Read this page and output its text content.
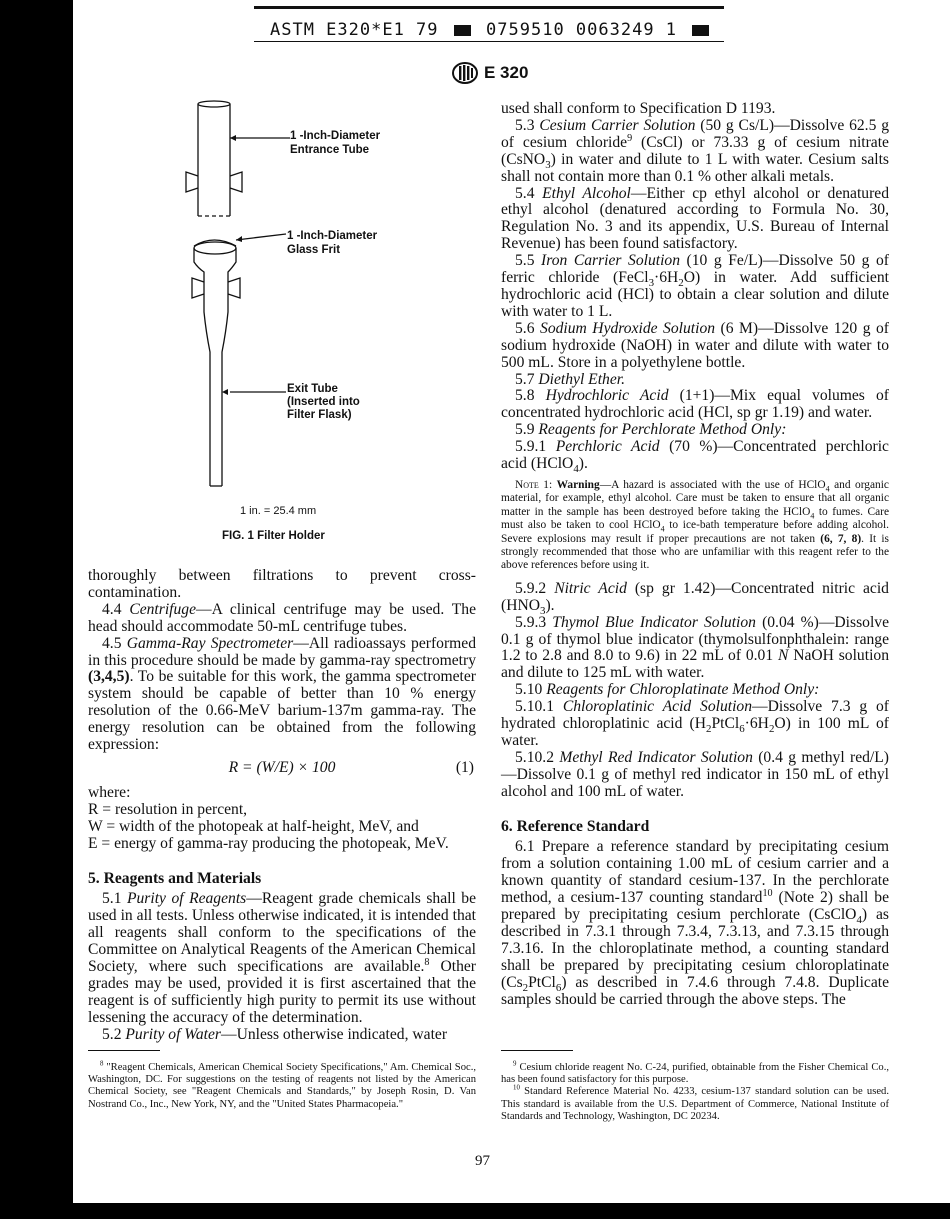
ASTM E320*E1 79	0759510 0063249 1
E 320
1 -Inch-Diameter
Entrance Tube
1 -Inch-Diameter
Glass Frit
Exit Tube
(Inserted into
Filter Flask)
1 in. = 25.4 mm
FIG. 1 Filter Holder

thoroughly between filtrations to prevent cross-contamination.

4.4 Centrifuge—A clinical centrifuge may be used. The head should accommodate 50-mL centrifuge tubes.

4.5 Gamma-Ray Spectrometer—All radioassays performed in this procedure should be made by gamma-ray spectrometry (3,4,5). To be suitable for this work, the gamma spectrometer system should be capable of better than 10 % energy resolution of the 0.66-MeV barium-137m gamma-ray. The energy resolution can be obtained from the following expression:

R = (W/E) × 100	(1)

where:

R = resolution in percent,

W = width of the photopeak at half-height, MeV, and

E = energy of gamma-ray producing the photopeak, MeV.

5. Reagents and Materials

5.1 Purity of Reagents—Reagent grade chemicals shall be used in all tests. Unless otherwise indicated, it is intended that all reagents shall conform to the specifications of the Committee on Analytical Reagents of the American Chemical Society, where such specifications are available.$^8$ Other grades may be used, provided it is first ascertained that the reagent is of sufficiently high purity to permit its use without lessening the accuracy of the determination.

5.2 Purity of Water—Unless otherwise indicated, water

used shall conform to Specification D 1193.

5.3 Cesium Carrier Solution (50 g Cs/L)—Dissolve 62.5 g of cesium chloride$^9$ (CsCl) or 73.33 g of cesium nitrate (CsNO$_3$) in water and dilute to 1 L with water. Cesium salts shall not contain more than 0.1 % other alkali metals.

5.4 Ethyl Alcohol—Either cp ethyl alcohol or denatured ethyl alcohol (denatured according to Formula No. 30, Regulation No. 3 and its appendix, U.S. Bureau of Internal Revenue) has been found satisfactory.

5.5 Iron Carrier Solution (10 g Fe/L)—Dissolve 50 g of ferric chloride $(FeCl_3\cdot 6H_2O)$ in water. Add sufficient hydrochloric acid (HCl) to obtain a clear solution and dilute with water to 1 L.

5.6 Sodium Hydroxide Solution (6 M)—Dissolve 120 g of sodium hydroxide (NaOH) in water and dilute with water to 500 mL. Store in a polyethylene bottle.

5.7 Diethyl Ether.

5.8 Hydrochloric Acid (1+1)—Mix equal volumes of concentrated hydrochloric acid (HCl, sp gr 1.19) and water.

5.9 Reagents for Perchlorate Method Only:

5.9.1 Perchloric Acid (70 %)—Concentrated perchloric acid (HClO$_4$).

Note 1: Warning—A hazard is associated with the use of HClO$_4$ and organic material, for example, ethyl alcohol. Care must be taken to ensure that all organic matter in the sample has been destroyed before taking the HClO$_4$ to fumes. Care must also be taken to cool HClO$_4$ to ice-bath temperature before adding alcohol. Severe explosions may result if proper precautions are not taken (6, 7, 8). It is strongly recommended that those who are unfamiliar with this reagent refer to the above references before using it.

5.9.2 Nitric Acid (sp gr 1.42)—Concentrated nitric acid $(HNO_3)$.

5.9.3 Thymol Blue Indicator Solution (0.04 %)—Dissolve 0.1 g of thymol blue indicator (thymolsulfonphthalein: range 1.2 to 2.8 and 8.0 to 9.6) in 22 mL of 0.01 N NaOH solution and dilute to 125 mL with water.

5.10 Reagents for Chloroplatinate Method Only:

5.10.1 Chloroplatinic Acid Solution—Dissolve 7.3 g of hydrated chloroplatinic acid $(H_2PtCl_6\cdot 6H_2O)$ in 100 mL of water.

5.10.2 Methyl Red Indicator Solution (0.4 g methyl red/L)—Dissolve 0.1 g of methyl red indicator in 150 mL of ethyl alcohol and 100 mL of water.

6. Reference Standard

6.1 Prepare a reference standard by precipitating cesium from a solution containing 1.00 mL of cesium carrier and a known quantity of standard cesium-137. In the perchlorate method, a cesium-137 counting standard$^{10}$ (Note 2) shall be prepared by precipitating cesium perchlorate (CsClO$_4$) as described in 7.3.1 through 7.3.4, 7.3.13, and 7.3.15 through 7.3.16. In the chloroplatinate method, a counting standard shall be prepared by precipitating cesium chloroplatinate $(Cs_2PtCl_6)$ as described in 7.4.6 through 7.4.8. Duplicate samples should be carried through the above steps. The

$^8$ "Reagent Chemicals, American Chemical Society Specifications," Am. Chemical Soc., Washington, DC. For suggestions on the testing of reagents not listed by the American Chemical Society, see "Reagent Chemicals and Standards," by Joseph Rosin, D. Van Nostrand Co., Inc., New York, NY, and the "United States Pharmacopeia."
$^9$ Cesium chloride reagent No. C-24, purified, obtainable from the Fisher Chemical Co., has been found satisfactory for this purpose.
$^{10}$ Standard Reference Material No. 4233, cesium-137 standard solution can be used. This standard is available from the U.S. Department of Commerce, National Institute of Standards and Technology, Washington, DC 20234.
97
